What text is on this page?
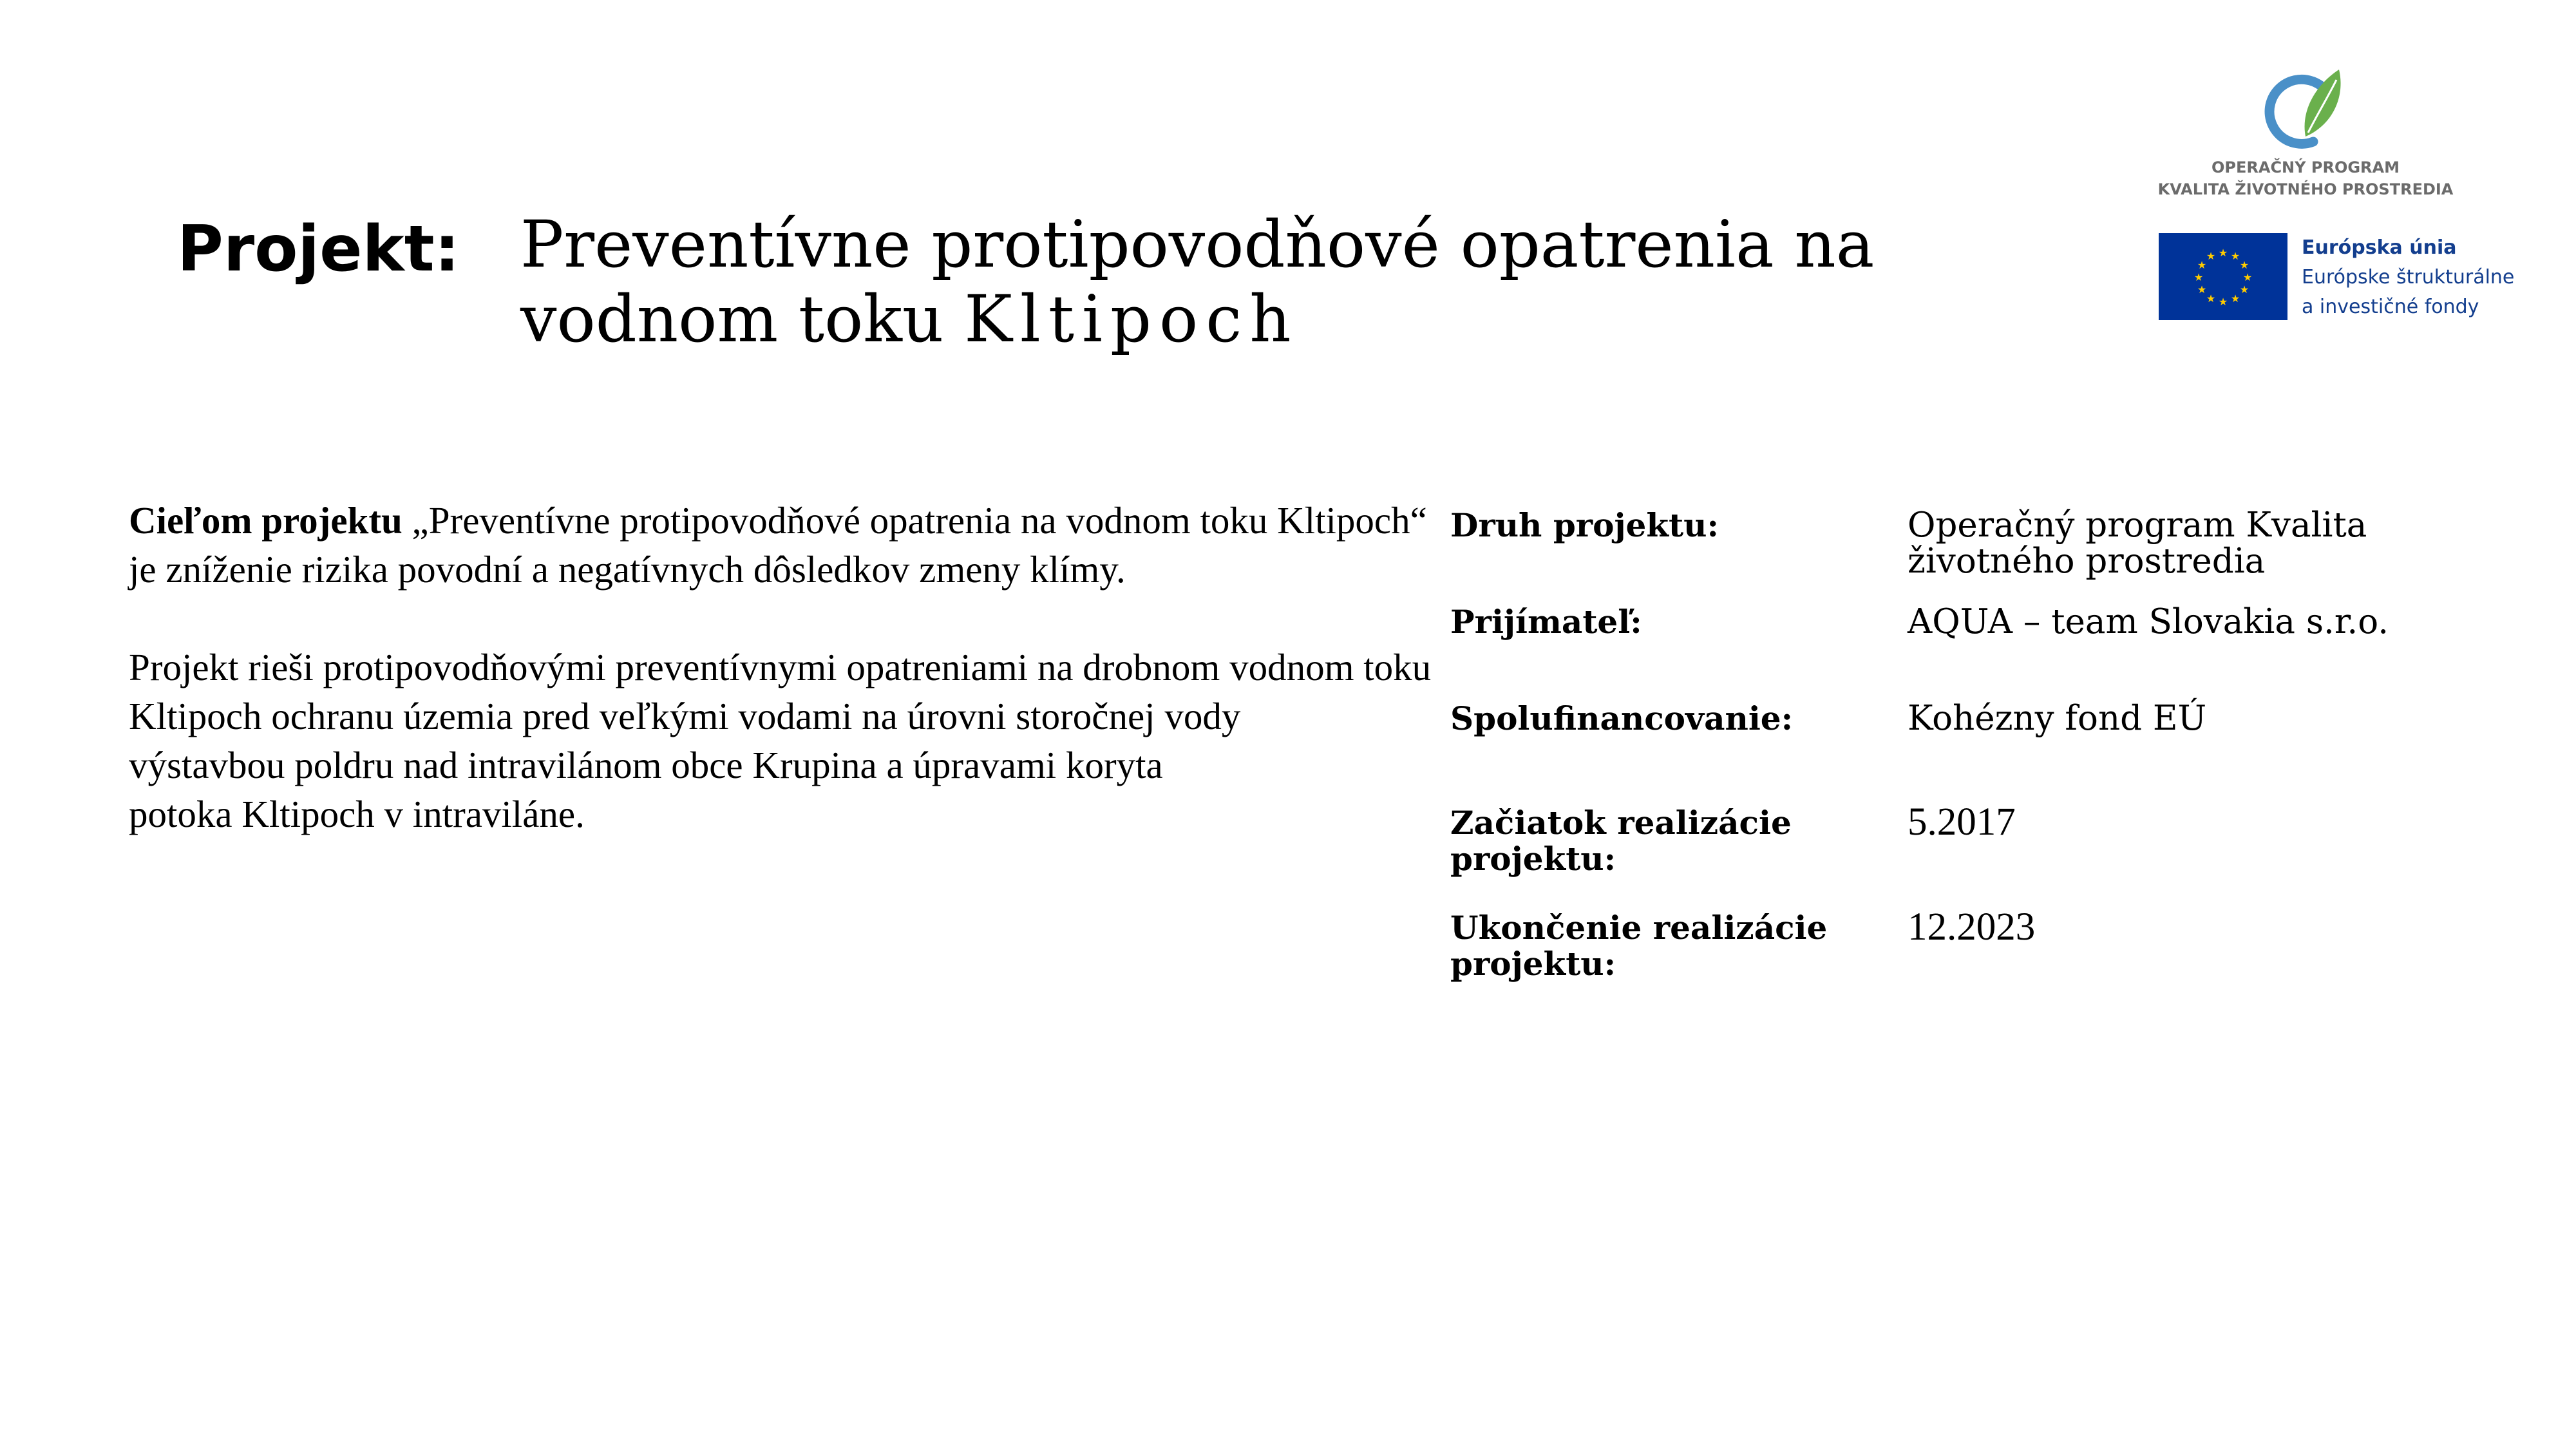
Projekt: Preventívne protipovodňové opatrenia na
vodnom toku Kltipoch
OPERAČNÝ PROGRAM
KVALITA ŽIVOTNÉHO PROSTREDIA
★ ★
★
★
★
★
★
★
★
★
★
★	Európska únia
Európske štrukturálne
a investičné fondy

Cieľom projektu „Preventívne protipovodňové opatrenia na vodnom toku Kltipoch“
je zníženie rizika povodní a negatívnych dôsledkov zmeny klímy.

Projekt rieši protipovodňovými preventívnymi opatreniami na drobnom vodnom toku
Kltipoch ochranu územia pred veľkými vodami na úrovni storočnej vody
výstavbou poldru nad intravilánom obce Krupina a úpravami koryta
potoka Kltipoch v intraviláne.

Druh projektu:	Operačný program Kvalita
životného prostredia
Prijímateľ:	AQUA – team Slovakia s.r.o.
Spolufinancovanie:	Kohézny fond EÚ
Začiatok realizácie
projektu:
5.2017
Ukončenie realizácie
projektu:
12.2023
